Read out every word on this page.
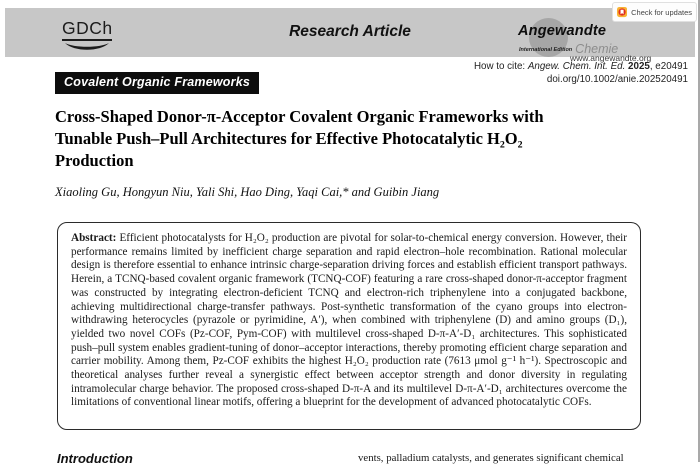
GDCh	Research Article	Angewandte
International Edition Chemie
www.angewandte.org
Check for updates
How to cite: Angew. Chem. Int. Ed. 2025, e20491
doi.org/10.1002/anie.202520491
Covalent Organic Frameworks
Cross-Shaped Donor-π-Acceptor Covalent Organic Frameworks with
Tunable Push–Pull Architectures for Effective Photocatalytic H₂O₂
Production
Xiaoling Gu, Hongyun Niu, Yali Shi, Hao Ding, Yaqi Cai,* and Guibin Jiang

Abstract: Efficient photocatalysts for H₂O₂ production are pivotal for solar-to-chemical energy conversion. However, their performance remains limited by inefficient charge separation and rapid electron–hole recombination. Rational molecular design is therefore essential to enhance intrinsic charge-separation driving forces and establish efficient transport pathways. Herein, a TCNQ-based covalent organic framework (TCNQ-COF) featuring a rare cross-shaped donor-π-acceptor fragment was constructed by integrating electron-deficient TCNQ and electron-rich triphenylene into a conjugated backbone, achieving multidirectional charge-transfer pathways. Post-synthetic transformation of the cyano groups into electron-withdrawing heterocycles (pyrazole or pyrimidine, A′), when combined with triphenylene (D) and amino groups (D₁), yielded two novel COFs (Pz-COF, Pym-COF) with multilevel cross-shaped D-π-A′-D₁ architectures. This sophisticated push–pull system enables gradient-tuning of donor–acceptor interactions, thereby promoting efficient charge separation and carrier mobility. Among them, Pz-COF exhibits the highest H₂O₂ production rate (7613 μmol g⁻¹ h⁻¹). Spectroscopic and theoretical analyses further reveal a synergistic effect between acceptor strength and donor diversity in regulating intramolecular charge behavior. The proposed cross-shaped D-π-A and its multilevel D-π-A′-D₁ architectures overcome the limitations of conventional linear motifs, offering a blueprint for the development of advanced photocatalytic COFs.

Introduction	vents, palladium catalysts, and generates significant chemical
